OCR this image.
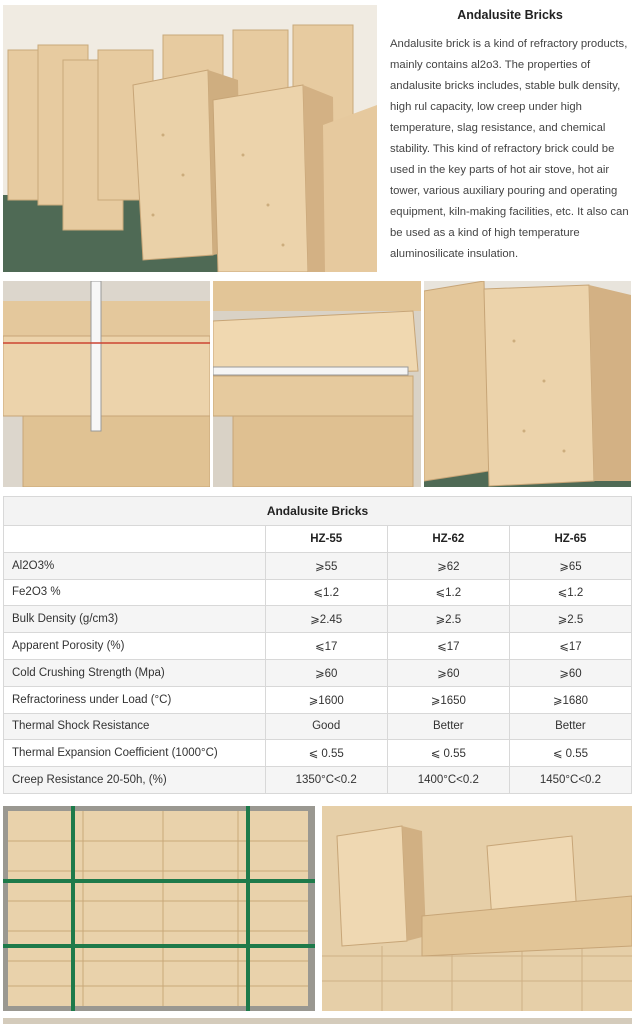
Andalusite Bricks

Andalusite brick is a kind of refractory products, mainly contains al2o3. The properties of andalusite bricks includes, stable bulk density, high rul capacity, low creep under high temperature, slag resistance, and chemical stability. This kind of refractory brick could be used in the key parts of hot air stove, hot air tower, various auxiliary pouring and operating equipment, kiln-making facilities, etc. It also can be used as a kind of high temperature aluminosilicate insulation.

Andalusite Bricks			
	HZ-55	HZ-62	HZ-65
Al2O3%	⩾55	⩾62	⩾65
Fe2O3 %	⩽1.2	⩽1.2	⩽1.2
Bulk Density (g/cm3)	⩾2.45	⩾2.5	⩾2.5
Apparent Porosity (%)	⩽17	⩽17	⩽17
Cold Crushing Strength (Mpa)	⩾60	⩾60	⩾60
Refractoriness under Load (°C)	⩾1600	⩾1650	⩾1680
Thermal Shock Resistance	Good	Better	Better
Thermal Expansion Coefficient (1000°C)	⩽ 0.55	⩽ 0.55	⩽ 0.55
Creep Resistance 20-50h, (%)	1350°C<0.2	1400°C<0.2	1450°C<0.2
